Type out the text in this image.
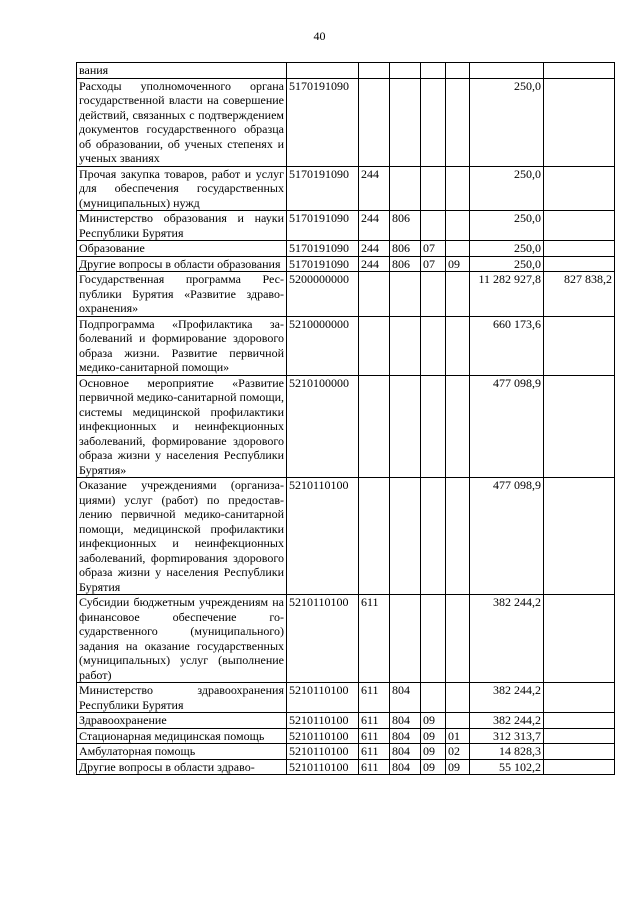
40
вания							
Расходы уполномоченного органа государственной власти на совершение действий, связанных с подтверждением документов государственного образца об образовании, об ученых степенях и ученых званиях	5170191090					250,0	
Прочая закупка товаров, работ и услуг для обеспечения государственных (муниципальных) нужд	5170191090	244				250,0	
Министерство образования и науки Республики Бурятия	5170191090	244	806			250,0	
Образование	5170191090	244	806	07		250,0	
Другие вопросы в области образования	5170191090	244	806	07	09	250,0	
Государственная программа Республики Бурятия «Развитие здравоохранения»	5200000000					11 282 927,8	827 838,2
Подпрограмма «Профилактика заболеваний и формирование здорового образа жизни. Развитие первичной медико-санитарной помощи»	5210000000					660 173,6	
Основное мероприятие «Развитие первичной медико-санитарной помощи, системы медицинской профилактики инфекционных и неинфекционных заболеваний, формирование здорового образа жизни у населения Республики Бурятия»	5210100000					477 098,9	
Оказание учреждениями (организациями) услуг (работ) по предоставлению первичной медико-санитарной помощи, медицинской профилактики инфекционных и неинфекционных заболеваний, форmирования здорового образа жизни у населения Республики Бурятия	5210110100					477 098,9	
Субсидии бюджетным учреждениям на финансовое обеспечение государственного (муниципального) задания на оказание государственных (муниципальных) услуг (выполнение работ)	5210110100	611				382 244,2	
Министерство здравоохранения Республики Бурятия	5210110100	611	804			382 244,2	
Здравоохранение	5210110100	611	804	09		382 244,2	
Стационарная медицинская помощь	5210110100	611	804	09	01	312 313,7	
Амбулаторная помощь	5210110100	611	804	09	02	14 828,3	
Другие вопросы в области здраво-	5210110100	611	804	09	09	55 102,2	
